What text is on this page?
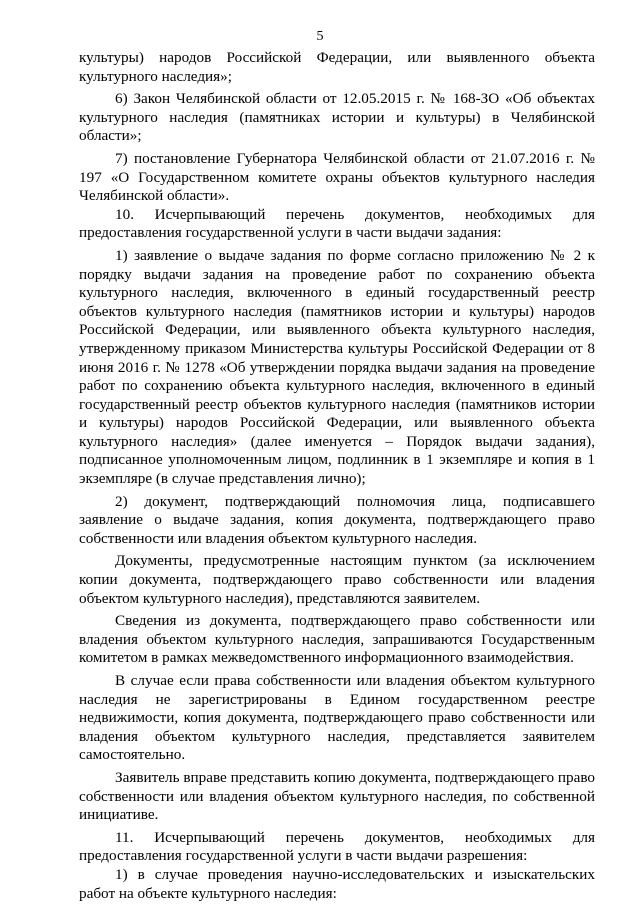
5

культуры) народов Российской Федерации, или выявленного объекта культурного наследия»;

6) Закон Челябинской области от 12.05.2015 г. № 168-ЗО «Об объектах культурного наследия (памятниках истории и культуры) в Челябинской области»;

7) постановление Губернатора Челябинской области от 21.07.2016 г. № 197 «О Государственном комитете охраны объектов культурного наследия Челябинской области».

10. Исчерпывающий перечень документов, необходимых для предоставления государственной услуги в части выдачи задания:

1) заявление о выдаче задания по форме согласно приложению № 2 к порядку выдачи задания на проведение работ по сохранению объекта культурного наследия, включенного в единый государственный реестр объектов культурного наследия (памятников истории и культуры) народов Российской Федерации, или выявленного объекта культурного наследия, утвержденному приказом Министерства культуры Российской Федерации от 8 июня 2016 г. № 1278 «Об утверждении порядка выдачи задания на проведение работ по сохранению объекта культурного наследия, включенного в единый государственный реестр объектов культурного наследия (памятников истории и культуры) народов Российской Федерации, или выявленного объекта культурного наследия» (далее именуется – Порядок выдачи задания), подписанное уполномоченным лицом, подлинник в 1 экземпляре и копия в 1 экземпляре (в случае представления лично);

2) документ, подтверждающий полномочия лица, подписавшего заявление о выдаче задания, копия документа, подтверждающего право собственности или владения объектом культурного наследия.

Документы, предусмотренные настоящим пунктом (за исключением копии документа, подтверждающего право собственности или владения объектом культурного наследия), представляются заявителем.

Сведения из документа, подтверждающего право собственности или владения объектом культурного наследия, запрашиваются Государственным комитетом в рамках межведомственного информационного взаимодействия.

В случае если права собственности или владения объектом культурного наследия не зарегистрированы в Едином государственном реестре недвижимости, копия документа, подтверждающего право собственности или владения объектом культурного наследия, представляется заявителем самостоятельно.

Заявитель вправе представить копию документа, подтверждающего право собственности или владения объектом культурного наследия, по собственной инициативе.

11. Исчерпывающий перечень документов, необходимых для предоставления государственной услуги в части выдачи разрешения:

1) в случае проведения научно-исследовательских и изыскательских работ на объекте культурного наследия:
